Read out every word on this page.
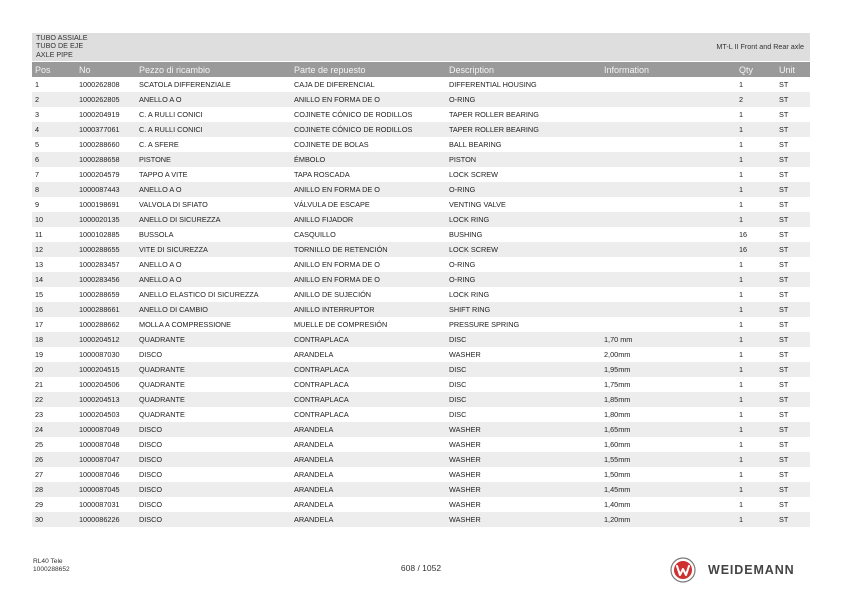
TUBO ASSIALE
TUBO DE EJE
AXLE PIPE
MT-L II Front and Rear axle
Pos	No	Pezzo di ricambio	Parte de repuesto	Description	Information	Qty	Unit
1	1000262808	SCATOLA DIFFERENZIALE	CAJA DE DIFERENCIAL	DIFFERENTIAL HOUSING		1	ST
2	1000262805	ANELLO A O	ANILLO EN FORMA DE O	O-RING		2	ST
3	1000204919	C. A RULLI CONICI	COJINETE CÓNICO DE RODILLOS	TAPER ROLLER BEARING		1	ST
4	1000377061	C. A RULLI CONICI	COJINETE CÓNICO DE RODILLOS	TAPER ROLLER BEARING		1	ST
5	1000288660	C. A SFERE	COJINETE DE BOLAS	BALL BEARING		1	ST
6	1000288658	PISTONE	ÉMBOLO	PISTON		1	ST
7	1000204579	TAPPO A VITE	TAPA ROSCADA	LOCK SCREW		1	ST
8	1000087443	ANELLO A O	ANILLO EN FORMA DE O	O-RING		1	ST
9	1000198691	VALVOLA DI SFIATO	VÁLVULA DE ESCAPE	VENTING VALVE		1	ST
10	1000020135	ANELLO DI SICUREZZA	ANILLO FIJADOR	LOCK RING		1	ST
11	1000102885	BUSSOLA	CASQUILLO	BUSHING		16	ST
12	1000288655	VITE DI SICUREZZA	TORNILLO DE RETENCIÓN	LOCK SCREW		16	ST
13	1000283457	ANELLO A O	ANILLO EN FORMA DE O	O-RING		1	ST
14	1000283456	ANELLO A O	ANILLO EN FORMA DE O	O-RING		1	ST
15	1000288659	ANELLO ELASTICO DI SICUREZZA	ANILLO DE SUJECIÓN	LOCK RING		1	ST
16	1000288661	ANELLO DI CAMBIO	ANILLO INTERRUPTOR	SHIFT RING		1	ST
17	1000288662	MOLLA A COMPRESSIONE	MUELLE DE COMPRESIÓN	PRESSURE SPRING		1	ST
18	1000204512	QUADRANTE	CONTRAPLACA	DISC	1,70 mm	1	ST
19	1000087030	DISCO	ARANDELA	WASHER	2,00mm	1	ST
20	1000204515	QUADRANTE	CONTRAPLACA	DISC	1,95mm	1	ST
21	1000204506	QUADRANTE	CONTRAPLACA	DISC	1,75mm	1	ST
22	1000204513	QUADRANTE	CONTRAPLACA	DISC	1,85mm	1	ST
23	1000204503	QUADRANTE	CONTRAPLACA	DISC	1,80mm	1	ST
24	1000087049	DISCO	ARANDELA	WASHER	1,65mm	1	ST
25	1000087048	DISCO	ARANDELA	WASHER	1,60mm	1	ST
26	1000087047	DISCO	ARANDELA	WASHER	1,55mm	1	ST
27	1000087046	DISCO	ARANDELA	WASHER	1,50mm	1	ST
28	1000087045	DISCO	ARANDELA	WASHER	1,45mm	1	ST
29	1000087031	DISCO	ARANDELA	WASHER	1,40mm	1	ST
30	1000086226	DISCO	ARANDELA	WASHER	1,20mm	1	ST
RL40 Tele
1000288652	608 / 1052	WEIDEMANN
